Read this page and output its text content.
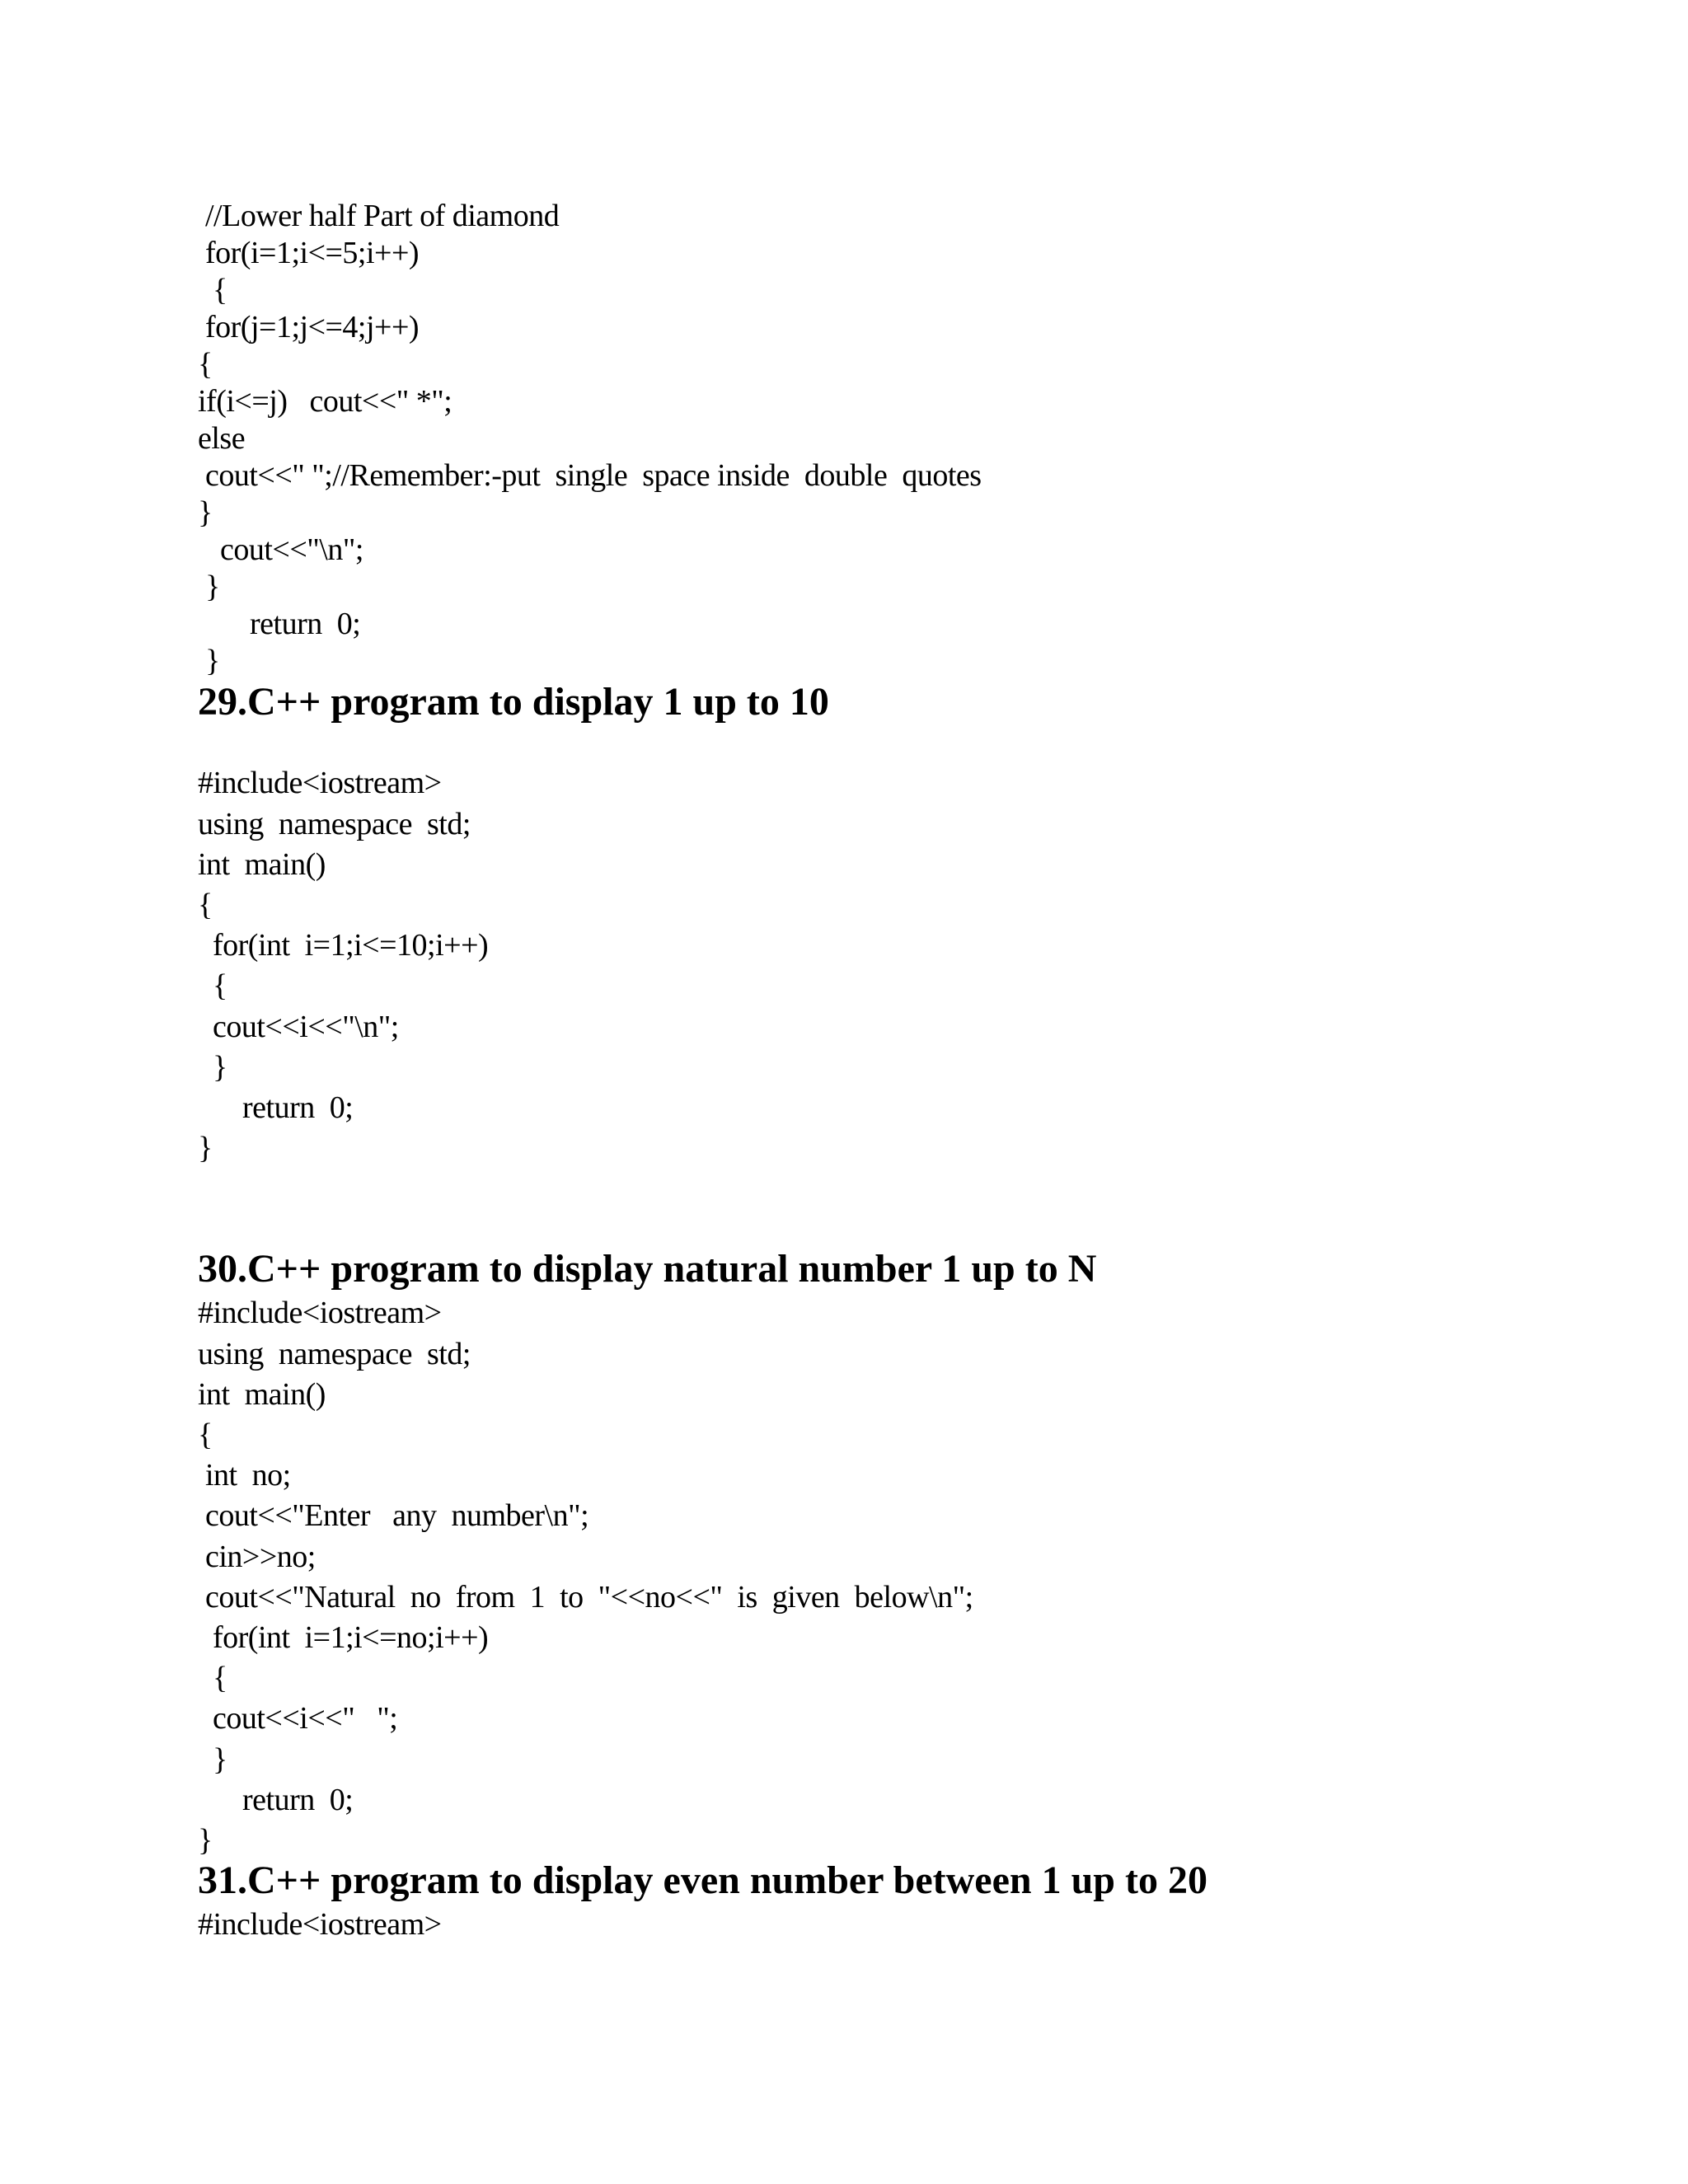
//Lower half Part of diamond
for(i=1;i<=5;i++)
{
for(j=1;j<=4;j++)
{
if(i<=j)   cout<<" *";
else
cout<<" ";//Remember:-put  single  space inside  double  quotes
}
cout<<"\n";
}
return  0;
}
29.C++ program to display 1 up to 10
#include<iostream>
using  namespace  std;
int  main()
{
for(int  i=1;i<=10;i++)
{
cout<<i<<"\n";
}
return  0;
}
30.C++ program to display natural number 1 up to N
#include<iostream>
using  namespace  std;
int  main()
{
int  no;
cout<<"Enter   any  number\n";
cin>>no;
cout<<"Natural  no  from  1  to  "<<no<<"  is  given  below\n";
for(int  i=1;i<=no;i++)
{
cout<<i<<"   ";
}
return  0;
}
31.C++ program to display even number between 1 up to 20
#include<iostream>
